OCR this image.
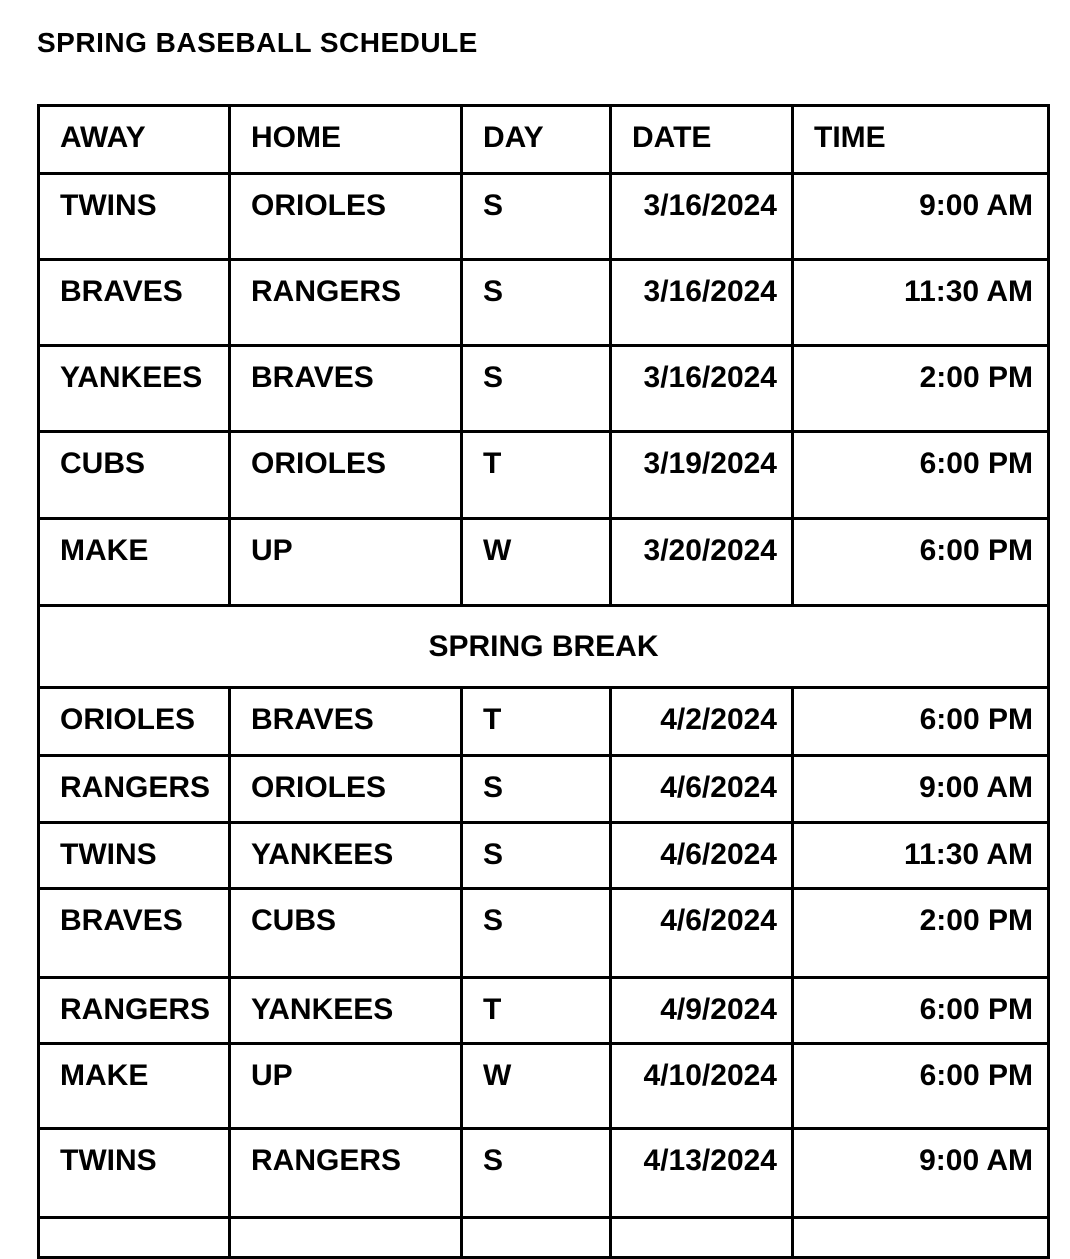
SPRING BASEBALL SCHEDULE
AWAY	HOME	DAY	DATE	TIME
TWINS	ORIOLES	S	3/16/2024	9:00 AM
BRAVES	RANGERS	S	3/16/2024	11:30 AM
YANKEES	BRAVES	S	3/16/2024	2:00 PM
CUBS	ORIOLES	T	3/19/2024	6:00 PM
MAKE	UP	W	3/20/2024	6:00 PM
SPRING BREAK				
ORIOLES	BRAVES	T	4/2/2024	6:00 PM
RANGERS	ORIOLES	S	4/6/2024	9:00 AM
TWINS	YANKEES	S	4/6/2024	11:30 AM
BRAVES	CUBS	S	4/6/2024	2:00 PM
RANGERS	YANKEES	T	4/9/2024	6:00 PM
MAKE	UP	W	4/10/2024	6:00 PM
TWINS	RANGERS	S	4/13/2024	9:00 AM
